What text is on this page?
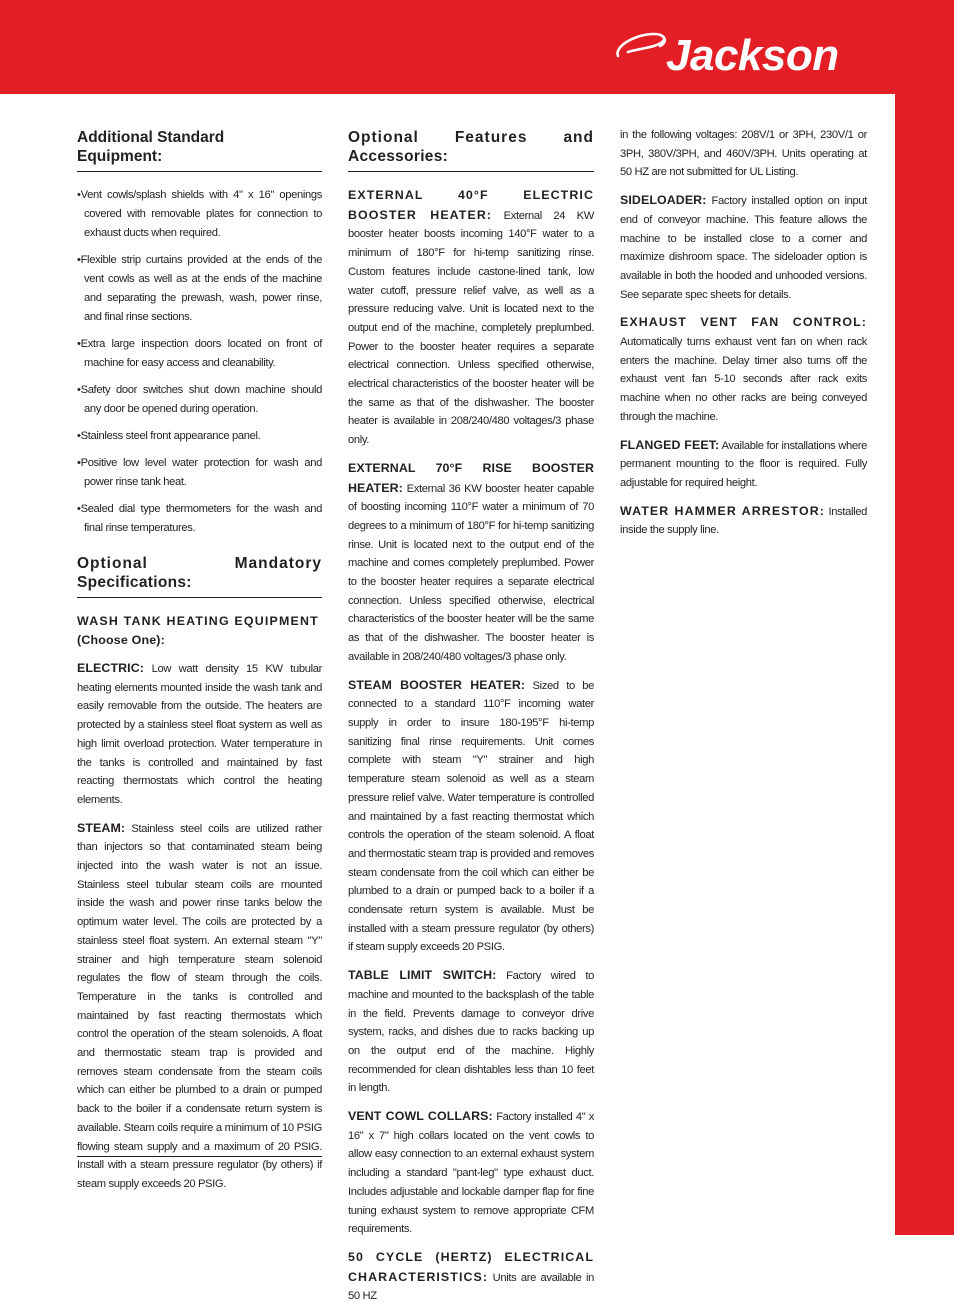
Jackson
Additional Standard
Equipment:
• Vent cowls/splash shields with 4" x 16" openings covered with removable plates for connection to exhaust ducts when required.
• Flexible strip curtains provided at the ends of the vent cowls as well as at the ends of the machine and separating the prewash, wash, power rinse, and final rinse sections.
• Extra large inspection doors located on front of machine for easy access and cleanability.
• Safety door switches shut down machine should any door be opened during operation.
• Stainless steel front appearance panel.
• Positive low level water protection for wash and power rinse tank heat.
• Sealed dial type thermometers for the wash and final rinse temperatures.
Optional Mandatory
Specifications:
WASH TANK HEATING EQUIPMENT
(Choose One):

ELECTRIC: Low watt density 15 KW tubular heating elements mounted inside the wash tank and easily removable from the outside. The heaters are protected by a stainless steel float system as well as high limit overload protection. Water temperature in the tanks is controlled and maintained by fast reacting thermostats which control the heating elements.

STEAM: Stainless steel coils are utilized rather than injectors so that contaminated steam being injected into the wash water is not an issue. Stainless steel tubular steam coils are mounted inside the wash and power rinse tanks below the optimum water level. The coils are protected by a stainless steel float system. An external steam "Y" strainer and high temperature steam solenoid regulates the flow of steam through the coils. Temperature in the tanks is controlled and maintained by fast reacting thermostats which control the operation of the steam solenoids. A float and thermostatic steam trap is provided and removes steam condensate from the steam coils which can either be plumbed to a drain or pumped back to the boiler if a condensate return system is available. Steam coils require a minimum of 10 PSIG flowing steam supply and a maximum of 20 PSIG. Install with a steam pressure regulator (by others) if steam supply exceeds 20 PSIG.

Optional Features and
Accessories:

EXTERNAL 40°F ELECTRIC BOOSTER HEATER: External 24 KW booster heater boosts incoming 140°F water to a minimum of 180°F for hi-temp sanitizing rinse. Custom features include castone-lined tank, low water cutoff, pressure relief valve, as well as a pressure reducing valve. Unit is located next to the output end of the machine, completely preplumbed. Power to the booster heater requires a separate electrical connection. Unless specified otherwise, electrical characteristics of the booster heater will be the same as that of the dishwasher. The booster heater is available in 208/240/480 voltages/3 phase only.

EXTERNAL 70°F RISE BOOSTER HEATER: External 36 KW booster heater capable of boosting incoming 110°F water a minimum of 70 degrees to a minimum of 180°F for hi-temp sanitizing rinse. Unit is located next to the output end of the machine and comes completely preplumbed. Power to the booster heater requires a separate electrical connection. Unless specified otherwise, electrical characteristics of the booster heater will be the same as that of the dishwasher. The booster heater is available in 208/240/480 voltages/3 phase only.

STEAM BOOSTER HEATER: Sized to be connected to a standard 110°F incoming water supply in order to insure 180-195°F hi-temp sanitizing final rinse requirements. Unit comes complete with steam "Y" strainer and high temperature steam solenoid as well as a steam pressure relief valve. Water temperature is controlled and maintained by a fast reacting thermostat which controls the operation of the steam solenoid. A float and thermostatic steam trap is provided and removes steam condensate from the coil which can either be plumbed to a drain or pumped back to a boiler if a condensate return system is available. Must be installed with a steam pressure regulator (by others) if steam supply exceeds 20 PSIG.

TABLE LIMIT SWITCH: Factory wired to machine and mounted to the backsplash of the table in the field. Prevents damage to conveyor drive system, racks, and dishes due to racks backing up on the output end of the machine. Highly recommended for clean dishtables less than 10 feet in length.

VENT COWL COLLARS: Factory installed 4" x 16" x 7" high collars located on the vent cowls to allow easy connection to an external exhaust system including a standard "pant-leg" type exhaust duct. Includes adjustable and lockable damper flap for fine tuning exhaust system to remove appropriate CFM requirements.

50 CYCLE (HERTZ) ELECTRICAL CHARACTERISTICS: Units are available in 50 HZ

in the following voltages: 208V/1 or 3PH, 230V/1 or 3PH, 380V/3PH, and 460V/3PH. Units operating at 50 HZ are not submitted for UL Listing.

SIDELOADER: Factory installed option on input end of conveyor machine. This feature allows the machine to be installed close to a corner and maximize dishroom space. The sideloader option is available in both the hooded and unhooded versions. See separate spec sheets for details.

EXHAUST VENT FAN CONTROL: Automatically turns exhaust vent fan on when rack enters the machine. Delay timer also turns off the exhaust vent fan 5-10 seconds after rack exits machine when no other racks are being conveyed through the machine.

FLANGED FEET: Available for installations where permanent mounting to the floor is required. Fully adjustable for required height.

WATER HAMMER ARRESTOR: Installed inside the supply line.
